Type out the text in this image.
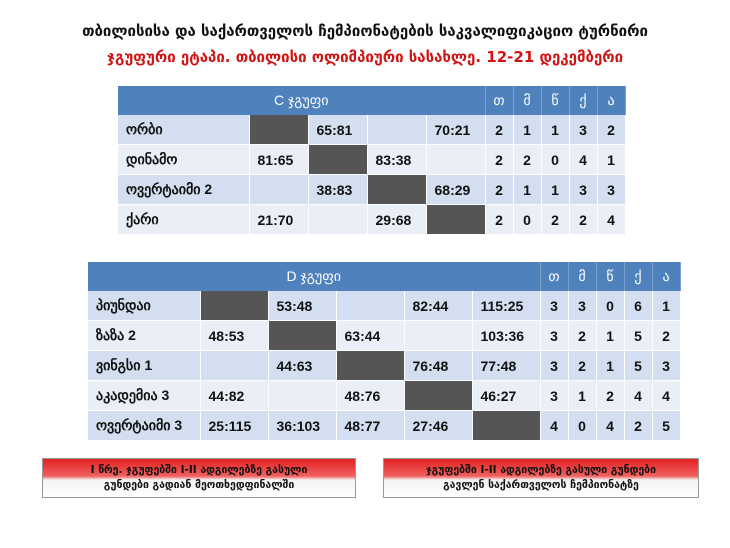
თბილისისა და საქართველოს ჩემპიონატების საკვალიფიკაციო ტურნირი
ჯგუფური ეტაპი. თბილისი ოლიმპიური სასახლე. 12-21 დეკემბერი
C ჯგუფი					თ	მ	წ	ქ	ა
ორბი		65:81		70:21	2	1	1	3	2
დინამო	81:65		83:38		2	2	0	4	1
ოვერტაიმი 2		38:83		68:29	2	1	1	3	3
ქარი	21:70		29:68		2	0	2	2	4
D ჯგუფი						თ	მ	წ	ქ	ა
პიუნდაი		53:48		82:44	115:25	3	3	0	6	1
ზაზა 2	48:53		63:44		103:36	3	2	1	5	2
ვინგსი 1		44:63		76:48	77:48	3	2	1	5	3
აკადემია 3	44:82		48:76		46:27	3	1	2	4	4
ოვერტაიმი 3	25:115	36:103	48:77	27:46		4	0	4	2	5
I წრე. ჯგუფებში I-II ადგილებზე გასული
გუნდები გადიან მეოთხედფინალში
ჯგუფებში I-II ადგილებზე გასული გუნდები
გავლენ საქართველოს ჩემპიონატზე
